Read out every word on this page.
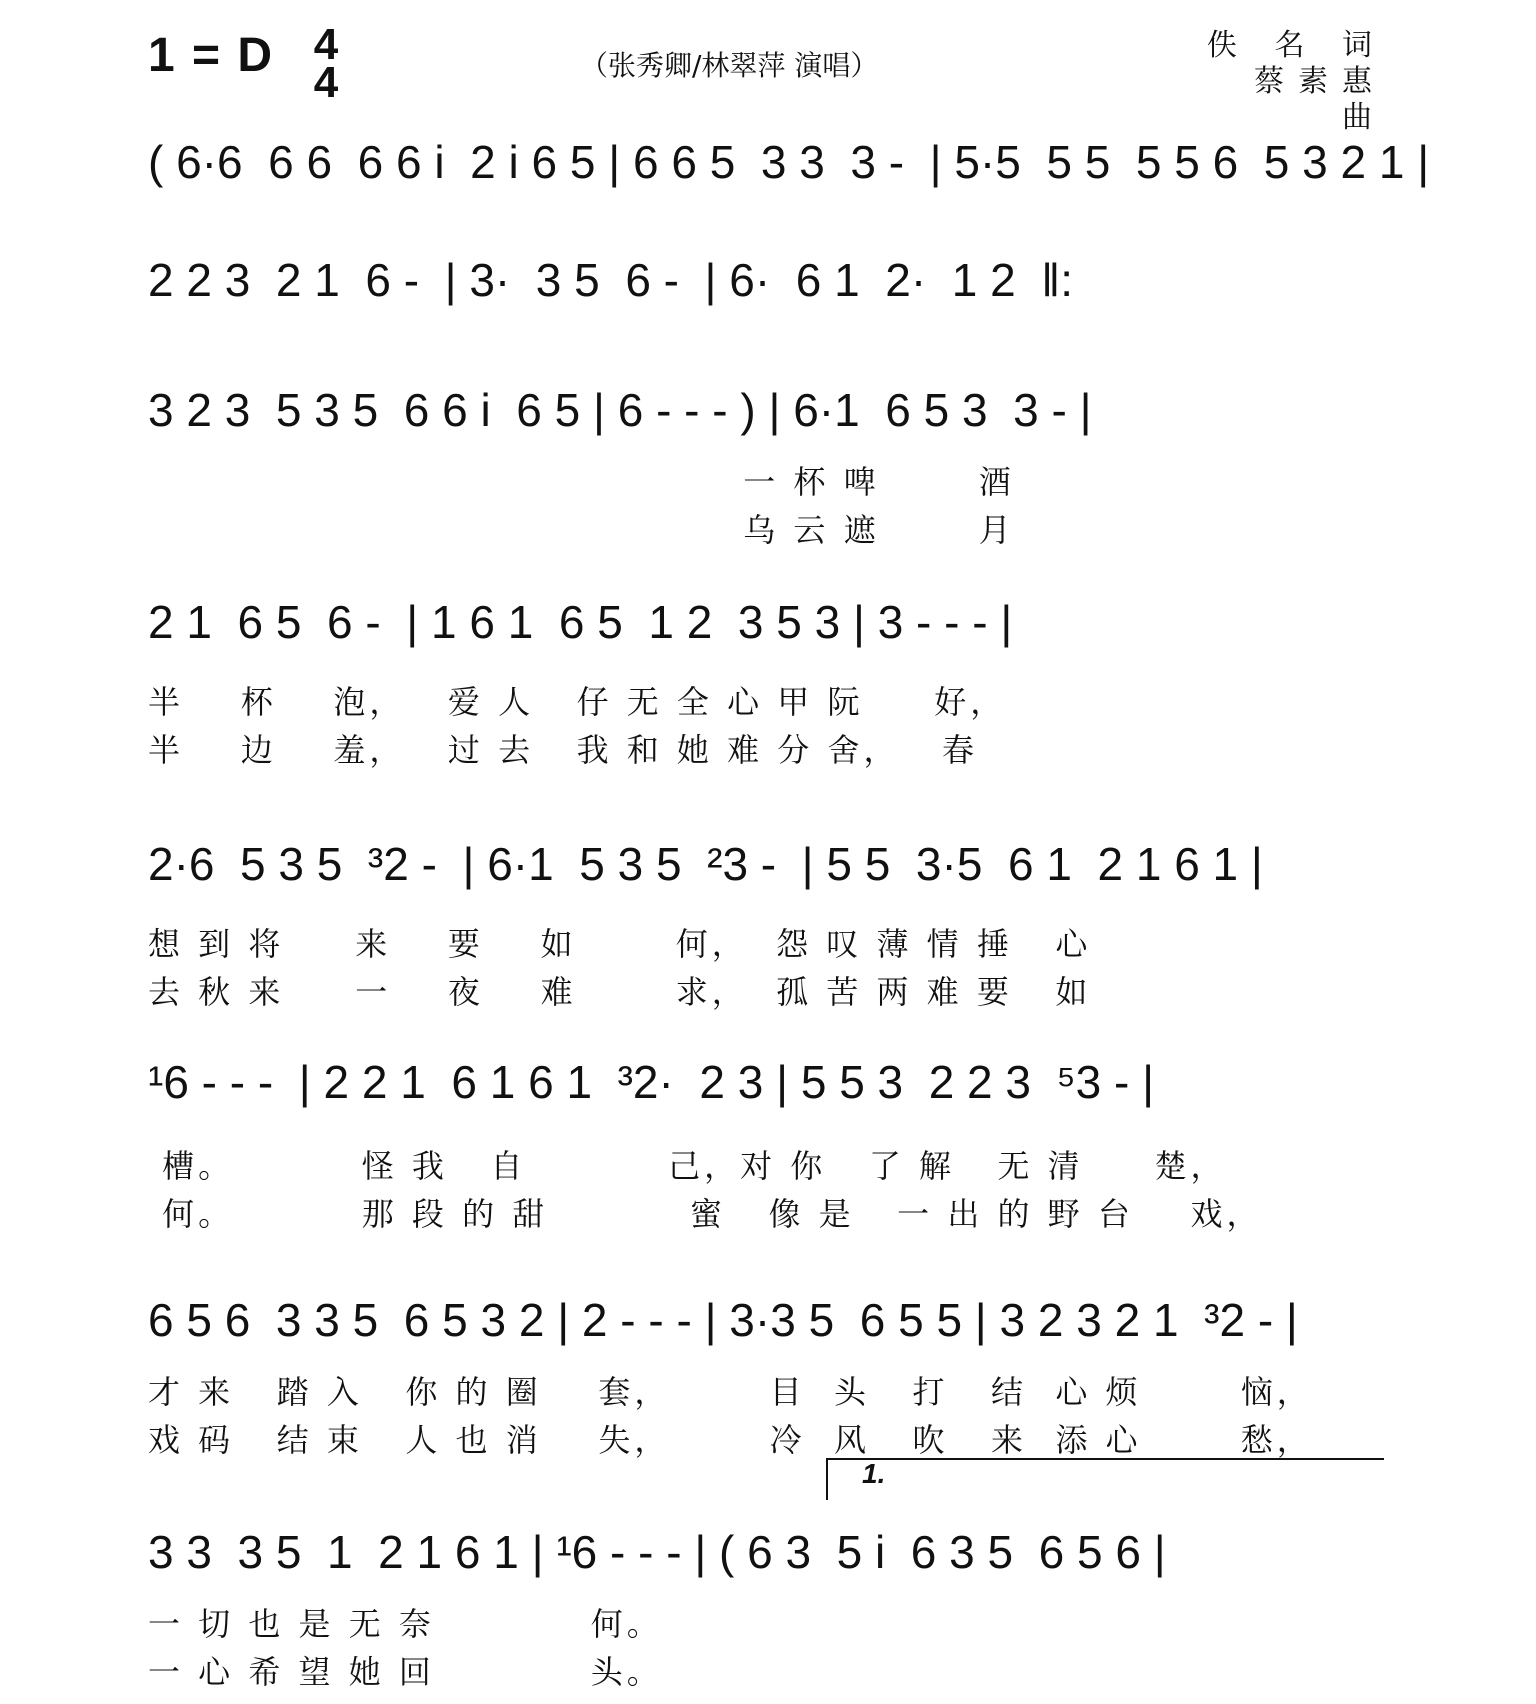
1 = D 4
4	（张秀卿/林翠萍 演唱）
佚 名 词
蔡素惠 曲
( 6·6  6 6  6 6 i  2 i 6 5 | 6 6 5  3 3  3 -  | 5·5  5 5  5 5 6  5 3 2 1 |
2 2 3  2 1  6 -  | 3·  3 5  6 -  | 6·  6 1  2·  1 2  ‖:
3 2 3  5 3 5  6 6 i  6 5 | 6 - - - ) | 6·1  6 5 3  3 - |
一 杯 啤       酒
乌 云 遮       月
2 1  6 5  6 -  | 1 6 1  6 5  1 2  3 5 3 | 3 - - - |
半    杯    泡，   爱 人   仔 无 全 心 甲 阮     好，
半    边    羞，   过 去   我 和 她 难 分 舍，   春
2·6  5 3 5  ³2 -  | 6·1  5 3 5  ²3 -  | 5 5  3·5  6 1  2 1 6 1 |
想 到 将     来    要    如       何，  怨 叹 薄 情 捶   心
去 秋 来     一    夜    难       求，  孤 苦 两 难 要   如
¹6 - - -  | 2 2 1  6 1 6 1  ³2·  2 3 | 5 5 3  2 2 3  ⁵3 - |
槽。         怪 我   自          己，对 你   了 解   无 清     楚，
何。         那 段 的 甜          蜜   像 是   一 出 的 野 台    戏，
6 5 6  3 3 5  6 5 3 2 | 2 - - - | 3·3 5  6 5 5 | 3 2 3 2 1  ³2 - |
才 来   踏 入   你 的 圈    套，       目  头   打   结  心 烦       恼，
戏 码   结 束   人 也 消    失，       冷  风   吹   来  添 心       愁，
1.
3 3  3 5  1  2 1 6 1 | ¹6 - - - | ( 6 3  5 i  6 3 5  6 5 6 |
一 切 也 是 无 奈           何。
一 心 希 望 她 回           头。
